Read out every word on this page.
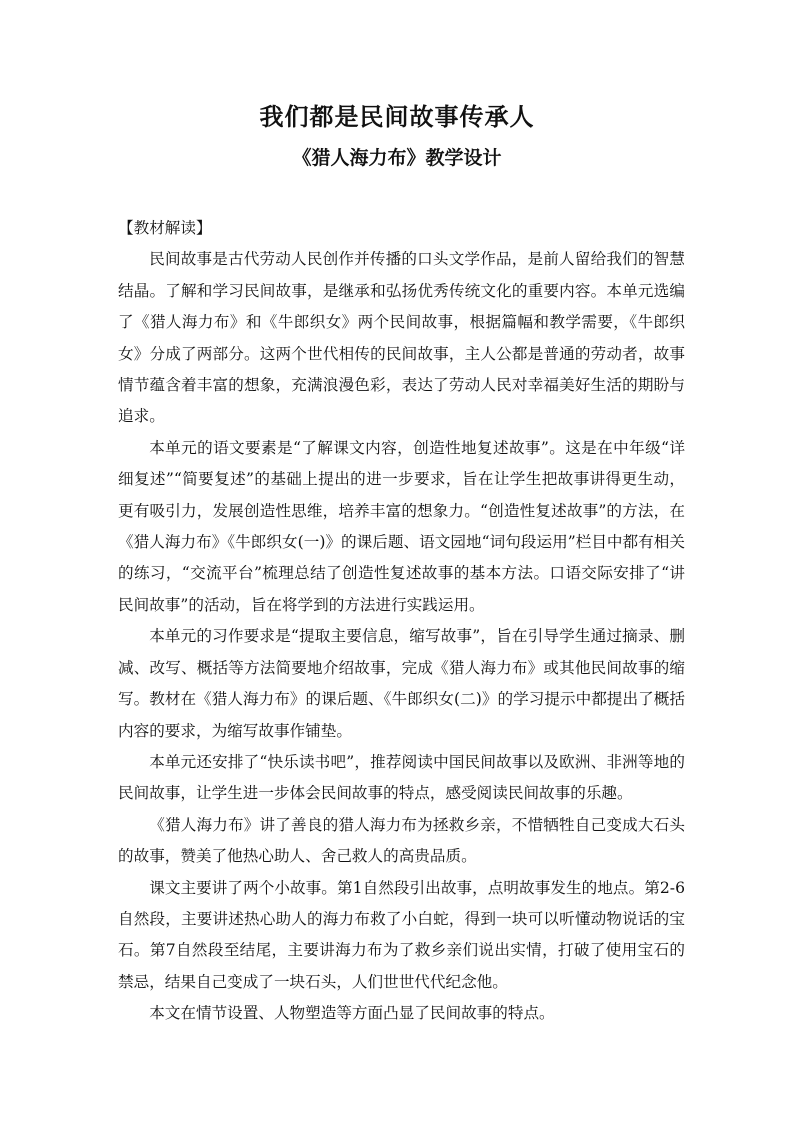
我们都是民间故事传承人
《猎人海力布》教学设计

【教材解读】

民间故事是古代劳动人民创作并传播的口头文学作品，是前人留给我们的智慧结晶。了解和学习民间故事，是继承和弘扬优秀传统文化的重要内容。本单元选编了《猎人海力布》和《牛郎织女》两个民间故事，根据篇幅和教学需要，《牛郎织女》分成了两部分。这两个世代相传的民间故事，主人公都是普通的劳动者，故事情节蕴含着丰富的想象，充满浪漫色彩，表达了劳动人民对幸福美好生活的期盼与追求。

本单元的语文要素是“了解课文内容，创造性地复述故事”。这是在中年级“详细复述”“简要复述”的基础上提出的进一步要求，旨在让学生把故事讲得更生动，更有吸引力，发展创造性思维，培养丰富的想象力。“创造性复述故事”的方法，在《猎人海力布》《牛郎织女(一)》的课后题、语文园地“词句段运用”栏目中都有相关的练习，“交流平台”梳理总结了创造性复述故事的基本方法。口语交际安排了“讲民间故事”的活动，旨在将学到的方法进行实践运用。

本单元的习作要求是“提取主要信息，缩写故事”，旨在引导学生通过摘录、删减、改写、概括等方法简要地介绍故事，完成《猎人海力布》或其他民间故事的缩写。教材在《猎人海力布》的课后题、《牛郎织女(二)》的学习提示中都提出了概括内容的要求，为缩写故事作铺垫。

本单元还安排了“快乐读书吧”，推荐阅读中国民间故事以及欧洲、非洲等地的民间故事，让学生进一步体会民间故事的特点，感受阅读民间故事的乐趣。

《猎人海力布》讲了善良的猎人海力布为拯救乡亲，不惜牺牲自己变成大石头的故事，赞美了他热心助人、舍己救人的高贵品质。

课文主要讲了两个小故事。第1自然段引出故事，点明故事发生的地点。第2-6自然段，主要讲述热心助人的海力布救了小白蛇，得到一块可以听懂动物说话的宝石。第7自然段至结尾，主要讲海力布为了救乡亲们说出实情，打破了使用宝石的禁忌，结果自己变成了一块石头，人们世世代代纪念他。

本文在情节设置、人物塑造等方面凸显了民间故事的特点。
